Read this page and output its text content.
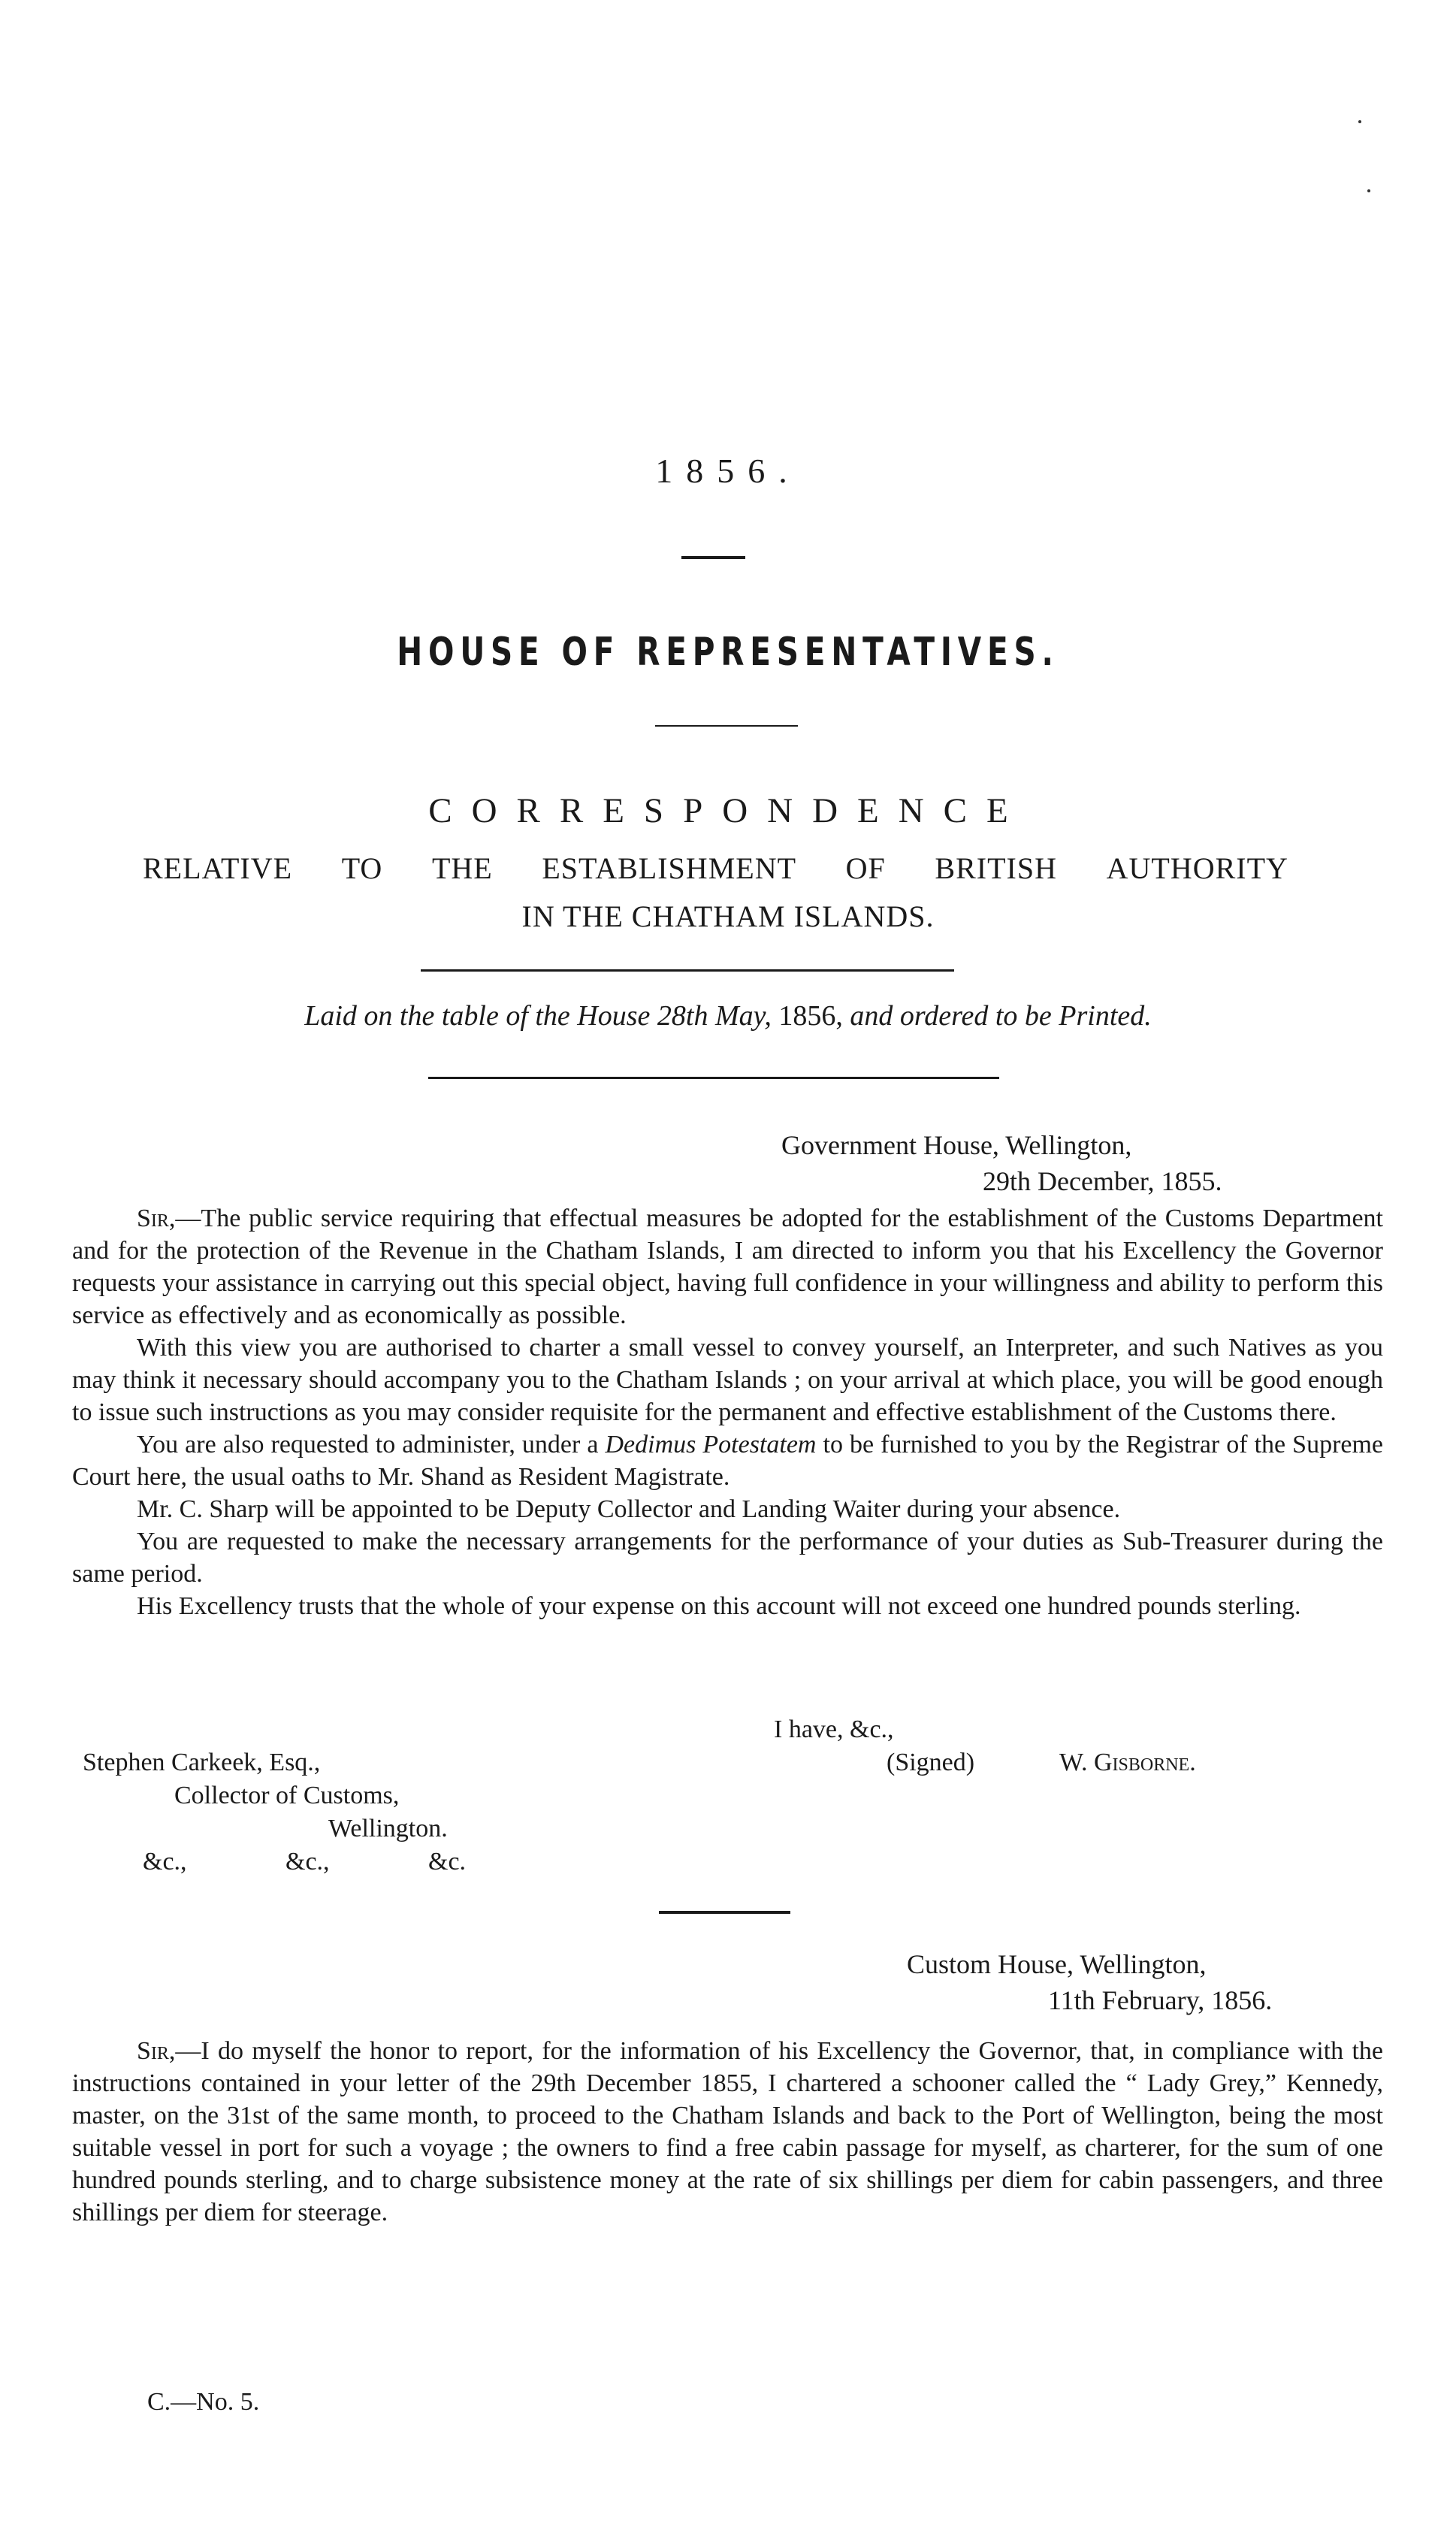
1856.
HOUSE OF REPRESENTATIVES.
CORRESPONDENCE
RELATIVE TO THE ESTABLISHMENT OF BRITISH AUTHORITY
IN THE CHATHAM ISLANDS.
Laid on the table of the House 28th May, 1856, and ordered to be Printed.
Government House, Wellington,
29th December, 1855.

Sir,—The public service requiring that effectual measures be adopted for the establishment of the Customs Department and for the protection of the Revenue in the Chatham Islands, I am directed to inform you that his Excellency the Governor requests your assistance in carrying out this special object, having full confidence in your willingness and ability to perform this service as effectively and as economically as possible.

With this view you are authorised to charter a small vessel to convey yourself, an Interpreter, and such Natives as you may think it necessary should accompany you to the Chatham Islands ; on your arrival at which place, you will be good enough to issue such instructions as you may consider requisite for the permanent and effective establishment of the Customs there.

You are also requested to administer, under a Dedimus Potestatem to be furnished to you by the Registrar of the Supreme Court here, the usual oaths to Mr. Shand as Resident Magistrate.

Mr. C. Sharp will be appointed to be Deputy Collector and Landing Waiter during your absence.

You are requested to make the necessary arrangements for the performance of your duties as Sub-Treasurer during the same period.

His Excellency trusts that the whole of your expense on this account will not exceed one hundred pounds sterling.

I have, &c.,
(Signed)	W. Gisborne.
Stephen Carkeek, Esq.,
Collector of Customs,
Wellington.
&c.,	&c.,	&c.
Custom House, Wellington,
11th February, 1856.

Sir,—I do myself the honor to report, for the information of his Excellency the Governor, that, in compliance with the instructions contained in your letter of the 29th December 1855, I chartered a schooner called the “ Lady Grey,” Kennedy, master, on the 31st of the same month, to proceed to the Chatham Islands and back to the Port of Wellington, being the most suitable vessel in port for such a voyage ; the owners to find a free cabin passage for myself, as charterer, for the sum of one hundred pounds sterling, and to charge subsistence money at the rate of six shillings per diem for cabin passengers, and three shillings per diem for steerage.

C.—No. 5.
